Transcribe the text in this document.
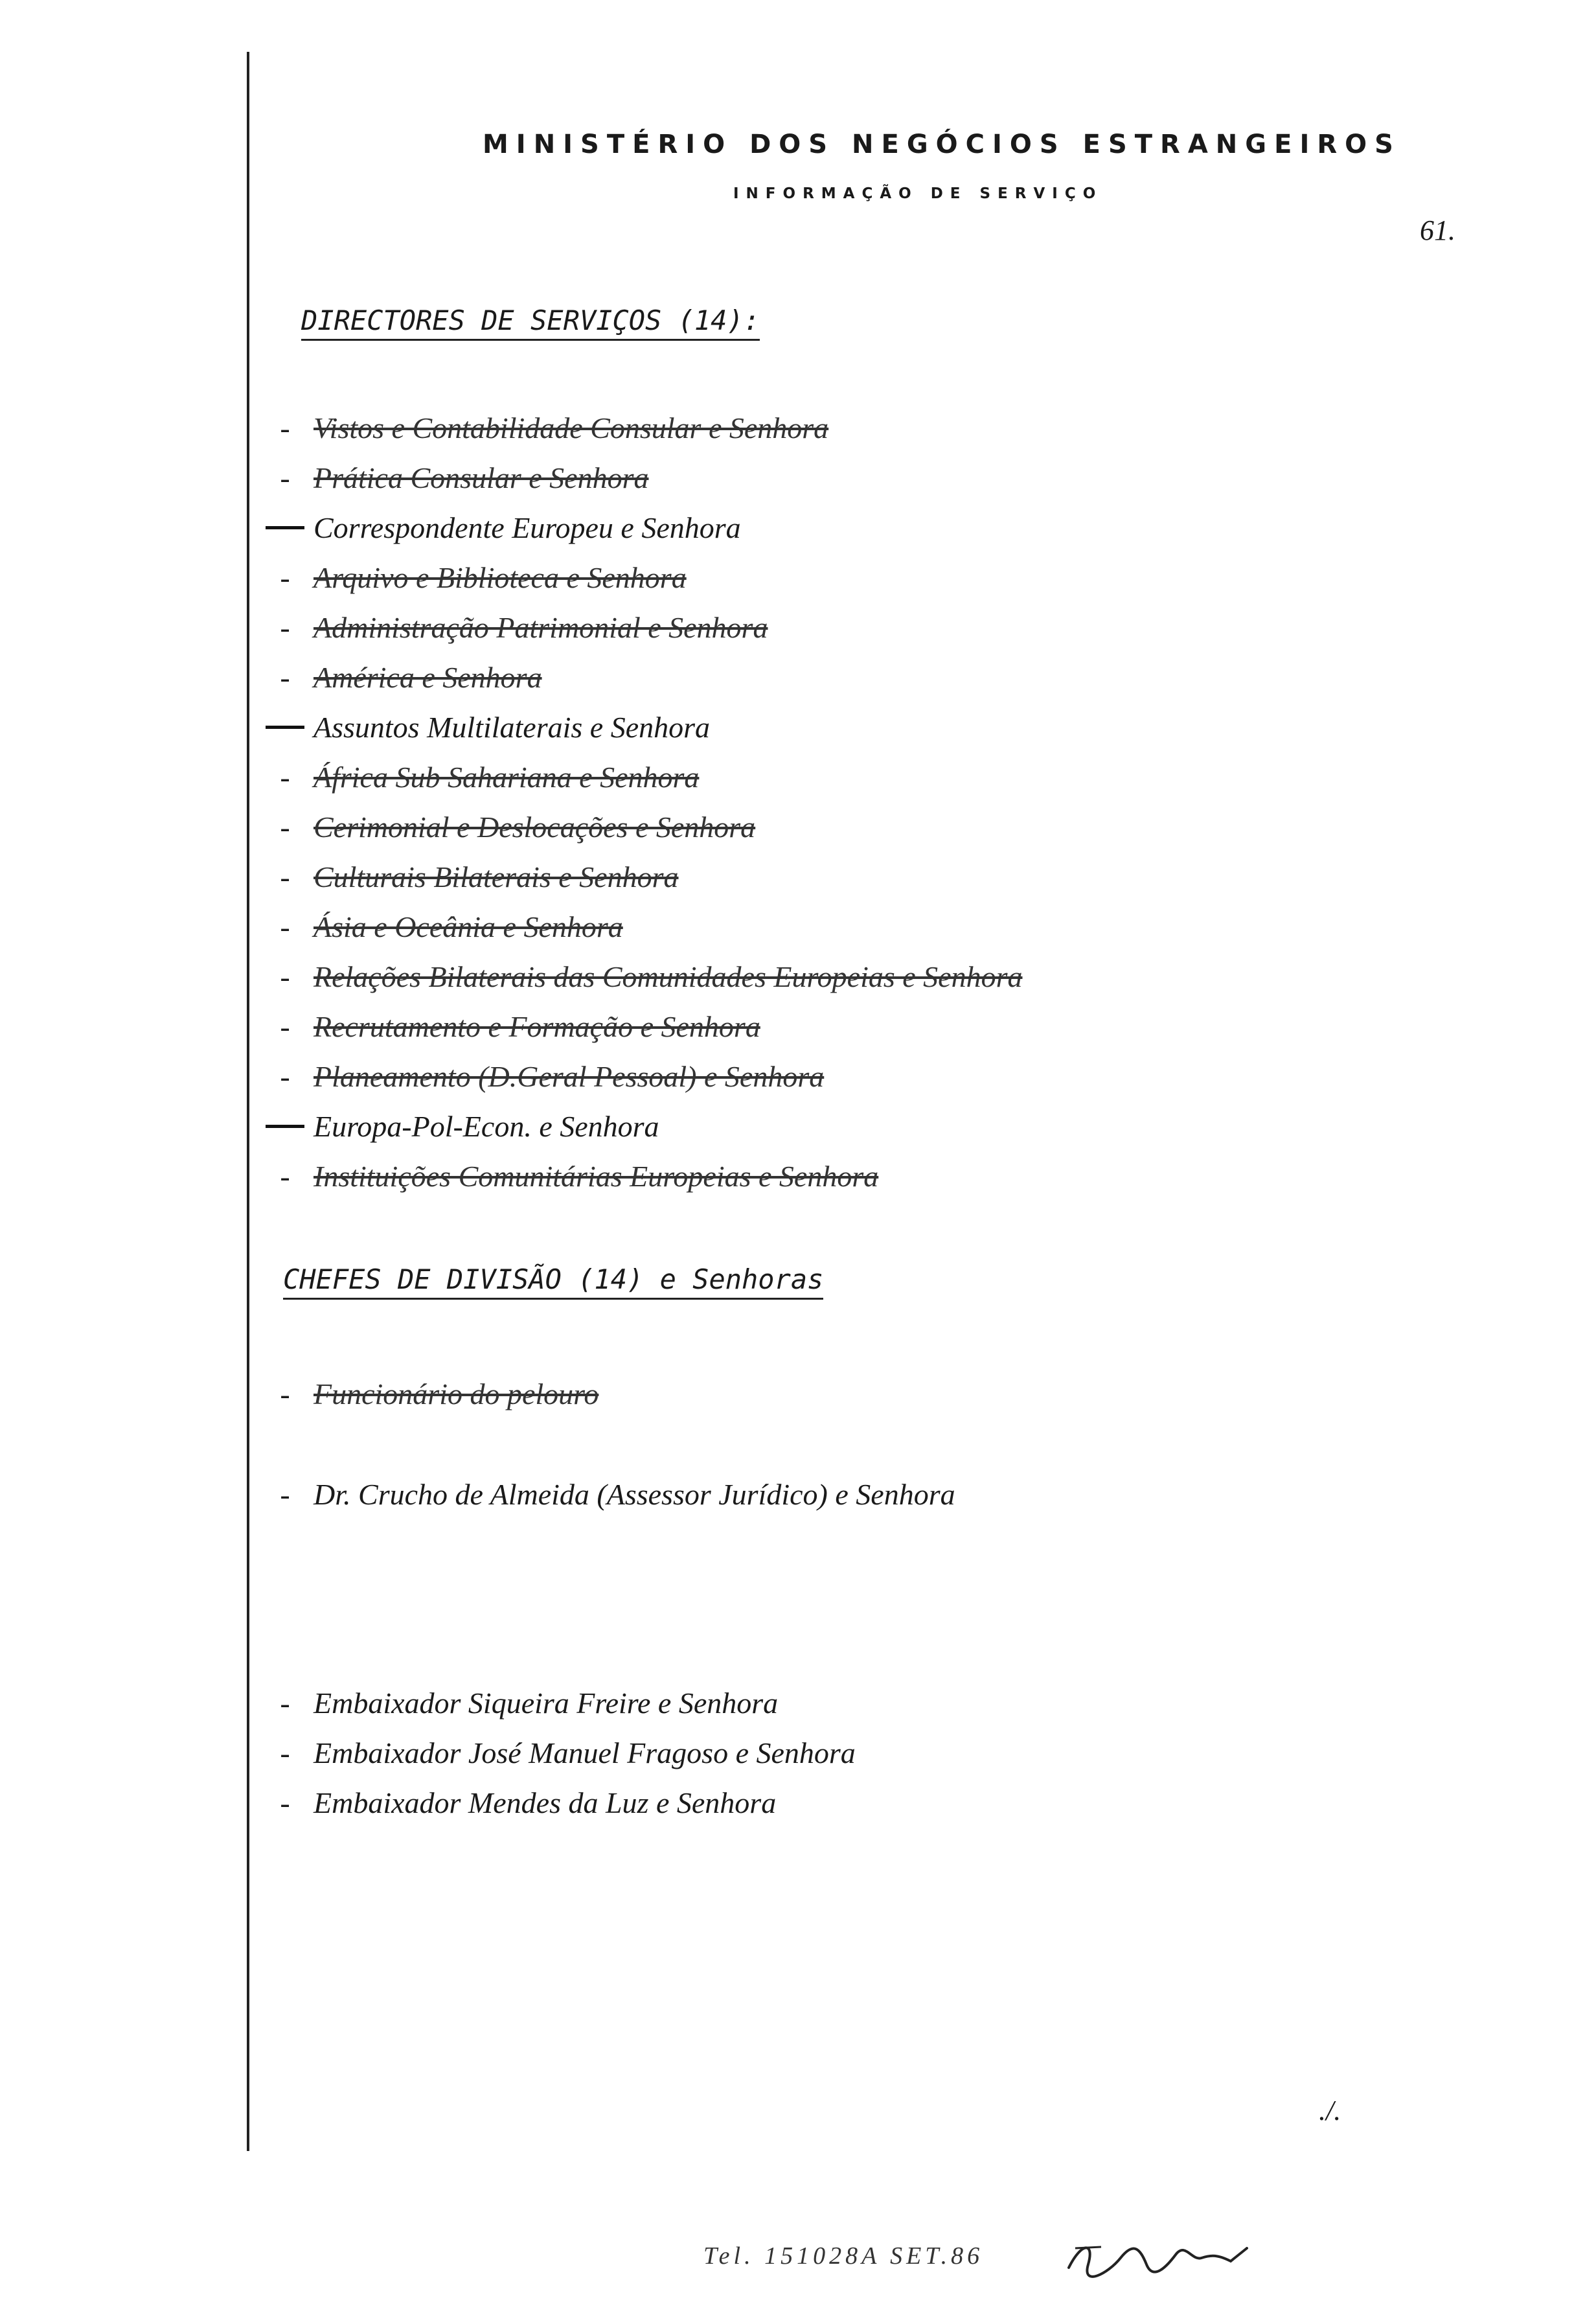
MINISTÉRIO DOS NEGÓCIOS ESTRANGEIROS
INFORMAÇÃO DE SERVIÇO
61.
DIRECTORES DE SERVIÇOS (14):
- Vistos e Contabilidade Consular e Senhora
- Prática Consular e Senhora
Correspondente Europeu e Senhora
- Arquivo e Biblioteca e Senhora
- Administração Patrimonial e Senhora
- América e Senhora
Assuntos Multilaterais e Senhora
- África Sub Sahariana e Senhora
- Cerimonial e Deslocações e Senhora
- Culturais Bilaterais e Senhora
- Ásia e Oceânia e Senhora
- Relações Bilaterais das Comunidades Europeias e Senhora
- Recrutamento e Formação e Senhora
- Planeamento (D.Geral Pessoal) e Senhora
Europa-Pol-Econ. e Senhora
- Instituições Comunitárias Europeias e Senhora
CHEFES DE DIVISÃO (14) e Senhoras
- Funcionário do pelouro
- Dr. Crucho de Almeida (Assessor Jurídico) e Senhora
- Embaixador Siqueira Freire e Senhora
- Embaixador José Manuel Fragoso e Senhora
- Embaixador Mendes da Luz e Senhora
./.
Tel. 151028A SET.86
